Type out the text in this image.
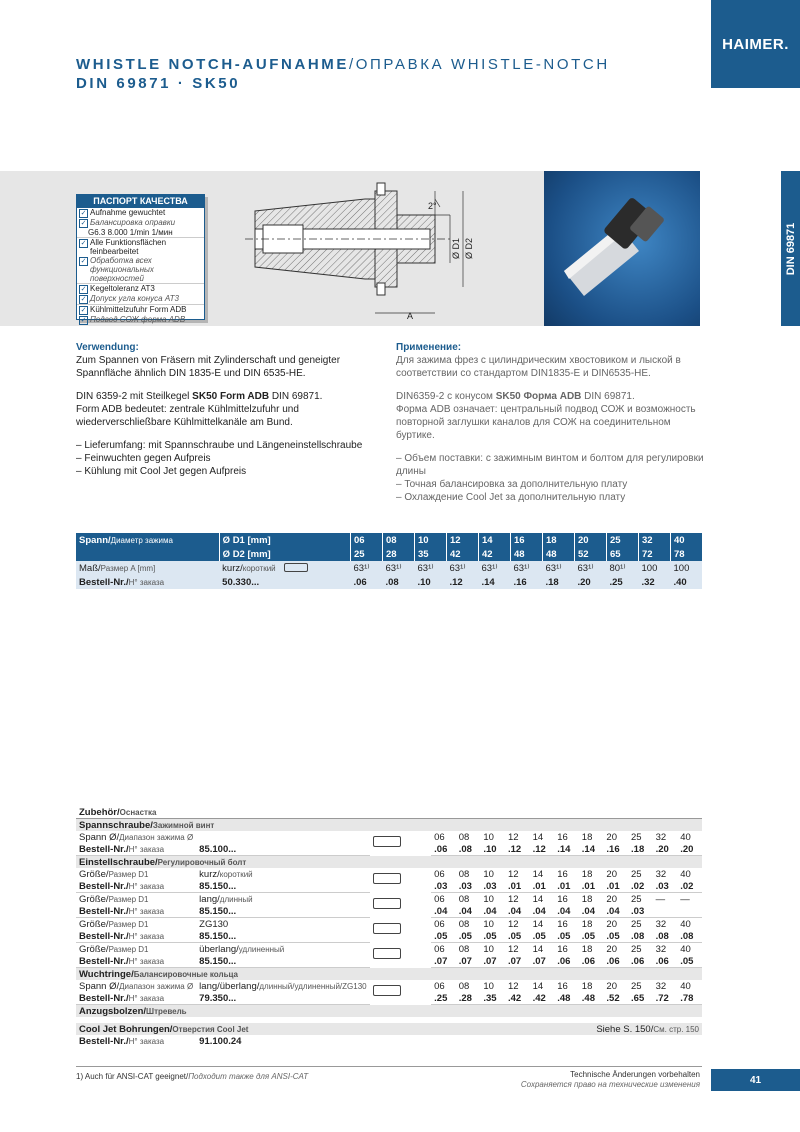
HAIMER.
WHISTLE NOTCH-AUFNAHME/ОПРАВКА WHISTLE-NOTCH
DIN 69871 · SK50
2°
Ø D1 Ø D2
A
DIN 69871
ПАСПОРТ КАЧЕСТВА
✓ Aufnahme gewuchtet
✓ Балансировка оправки
G6.3 8.000 1/min 1/мин
✓ Alle Funktionsflächen feinbearbeitet
✓ Обработка всех функциональных поверхностей
✓ Kegeltoleranz AT3
✓ Допуск угла конуса AT3
✓ Kühlmittelzufuhr Form ADB
✓ Подвод СОЖ форма ADB
Verwendung:

Zum Spannen von Fräsern mit Zylinderschaft und geneigter Spannfläche ähnlich DIN 1835-E und DIN 6535-HE.

DIN 6359-2 mit Steilkegel SK50 Form ADB DIN 69871.
Form ADB bedeutet: zentrale Kühlmittelzufuhr und wiederverschließbare Kühlmittelkanäle am Bund.

– Lieferumfang: mit Spannschraube und Längeneinstellschraube
– Feinwuchten gegen Aufpreis
– Kühlung mit Cool Jet gegen Aufpreis
Применение:

Для зажима фрез с цилиндрическим хвостовиком и лыской в соответствии со стандартом DIN1835-E и DIN6535-HE.

DIN6359-2 с конусом SK50 Форма ADB DIN 69871.
Форма ADB означает: центральный подвод СОЖ и возможность повторной заглушки каналов для СОЖ на соединительном буртике.

– Объем поставки: с зажимным винтом и болтом для регулировки длины
– Точная балансировка за дополнительную плату
– Охлаждение Cool Jet за дополнительную плату
Spann/Диаметр зажима	Ø D1 [mm]	06	08	10	12	14	16	18	20	25	32	40
	Ø D2 [mm]	25	28	35	42	42	48	48	52	65	72	78
Maß/Размер A [mm]	kurz/короткий	63¹⁾	63¹⁾	63¹⁾	63¹⁾	63¹⁾	63¹⁾	63¹⁾	63¹⁾	80¹⁾	100	100
Bestell-Nr./Н° заказа	50.330...	.06	.08	.10	.12	.14	.16	.18	.20	.25	.32	.40
Zubehör/Оснастка													
Spannschraube/Зажимной винт													
Spann Ø/Диапазон зажима Ø			06	08	10	12	14	16	18	20	25	32	40
Bestell-Nr./Н° заказа	85.100...		.06	.08	.10	.12	.12	.14	.14	.16	.18	.20	.20
Einstellschraube/Регулировочный болт													
Größe/Размер D1	kurz/короткий		06	08	10	12	14	16	18	20	25	32	40
Bestell-Nr./Н° заказа	85.150...		.03	.03	.03	.01	.01	.01	.01	.01	.02	.03	.02
Größe/Размер D1	lang/длинный		06	08	10	12	14	16	18	20	25	—	—
Bestell-Nr./Н° заказа	85.150...		.04	.04	.04	.04	.04	.04	.04	.04	.03		
Größe/Размер D1	ZG130		06	08	10	12	14	16	18	20	25	32	40
Bestell-Nr./Н° заказа	85.150...		.05	.05	.05	.05	.05	.05	.05	.05	.08	.08	.08
Größe/Размер D1	überlang/удлиненный		06	08	10	12	14	16	18	20	25	32	40
Bestell-Nr./Н° заказа	85.150...		.07	.07	.07	.07	.07	.06	.06	.06	.06	.06	.05
Wuchtringe/Балансировочные кольца													
Spann Ø/Диапазон зажима Ø	lang/überlang/длинный/удлиненный/ZG130		06	08	10	12	14	16	18	20	25	32	40
Bestell-Nr./Н° заказа	79.350...		.25	.28	.35	.42	.42	.48	.48	.52	.65	.72	.78
Anzugsbolzen/Штревель													

Cool Jet Bohrungen/Отверстия Cool Jet			Siehe S. 150/См. стр. 150										
Bestell-Nr./Н° заказа	91.100.24												
1) Auch für ANSI-CAT geeignet/Подходит также для ANSI-CAT	Technische Änderungen vorbehalten
Сохраняется право на технические изменения	41
